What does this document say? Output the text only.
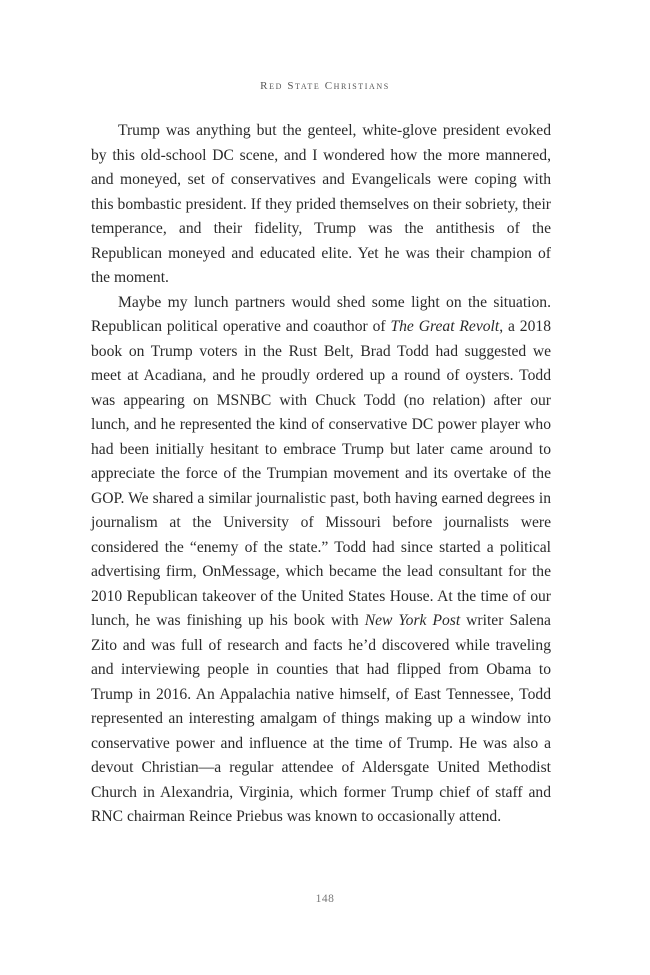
Red State Christians

Trump was anything but the genteel, white-glove president evoked by this old-school DC scene, and I wondered how the more mannered, and moneyed, set of conservatives and Evangelicals were coping with this bombastic president. If they prided themselves on their sobriety, their temperance, and their fidelity, Trump was the antithesis of the Republican moneyed and educated elite. Yet he was their champion of the moment.

Maybe my lunch partners would shed some light on the situation. Republican political operative and coauthor of The Great Revolt, a 2018 book on Trump voters in the Rust Belt, Brad Todd had suggested we meet at Acadiana, and he proudly ordered up a round of oysters. Todd was appearing on MSNBC with Chuck Todd (no relation) after our lunch, and he represented the kind of conservative DC power player who had been initially hesitant to embrace Trump but later came around to appreciate the force of the Trumpian movement and its overtake of the GOP. We shared a similar journalistic past, both having earned degrees in journalism at the University of Missouri before journalists were considered the “enemy of the state.” Todd had since started a political advertising firm, OnMessage, which became the lead consultant for the 2010 Republican takeover of the United States House. At the time of our lunch, he was finishing up his book with New York Post writer Salena Zito and was full of research and facts he’d discovered while traveling and interviewing people in counties that had flipped from Obama to Trump in 2016. An Appalachia native himself, of East Tennessee, Todd represented an interesting amalgam of things making up a window into conservative power and influence at the time of Trump. He was also a devout Christian—a regular attendee of Aldersgate United Methodist Church in Alexandria, Virginia, which former Trump chief of staff and RNC chairman Reince Priebus was known to occasionally attend.

148
